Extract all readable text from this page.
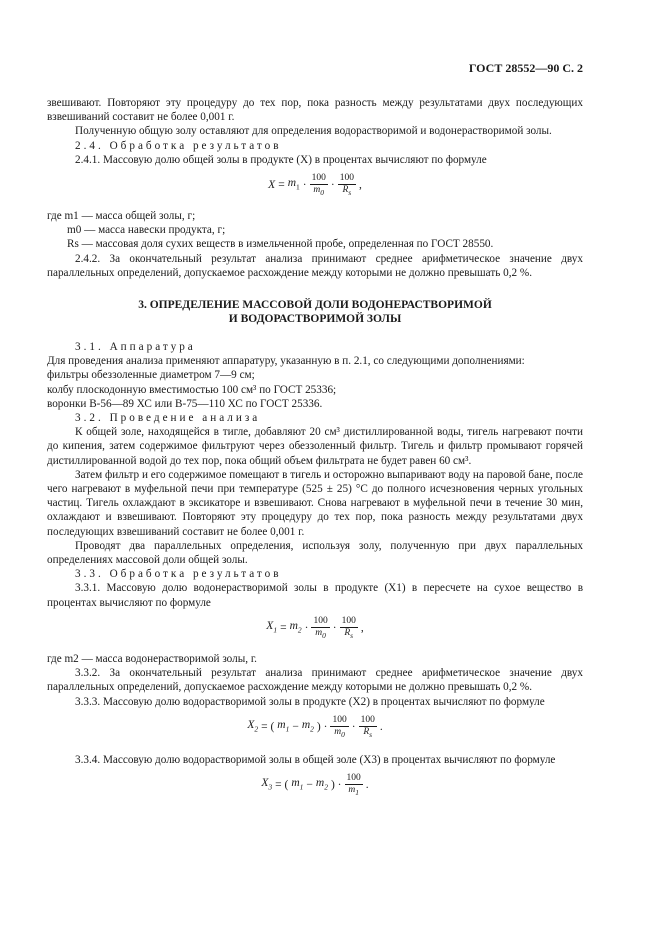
ГОСТ 28552—90 С. 2

звешивают. Повторяют эту процедуру до тех пор, пока разность между результатами двух последующих взвешиваний составит не более 0,001 г.

Полученную общую золу оставляют для определения водорастворимой и водонерастворимой золы.

2.4. Обработка результатов

2.4.1. Массовую долю общей золы в продукте (X) в процентах вычисляют по формуле

$X = m_1 \cdot \frac{100}{m_0} \cdot \frac{100}{R_s}$ ,
где m1 — масса общей золы, г;
m0 — масса навески продукта, г;
Rs — массовая доля сухих веществ в измельченной пробе, определенная по ГОСТ 28550.

2.4.2. За окончательный результат анализа принимают среднее арифметическое значение двух параллельных определений, допускаемое расхождение между которыми не должно превышать 0,2 %.

3. ОПРЕДЕЛЕНИЕ МАССОВОЙ ДОЛИ ВОДОНЕРАСТВОРИМОЙ
И ВОДОРАСТВОРИМОЙ ЗОЛЫ

3.1. Аппаратура

Для проведения анализа применяют аппаратуру, указанную в п. 2.1, со следующими дополнениями:

фильтры обеззоленные диаметром 7—9 см;

колбу плоскодонную вместимостью 100 см³ по ГОСТ 25336;

воронки В-56—89 ХС или В-75—110 ХС по ГОСТ 25336.

3.2. Проведение анализа

К общей золе, находящейся в тигле, добавляют 20 см³ дистиллированной воды, тигель нагревают почти до кипения, затем содержимое фильтруют через обеззоленный фильтр. Тигель и фильтр промывают горячей дистиллированной водой до тех пор, пока общий объем фильтрата не будет равен 60 см³.

Затем фильтр и его содержимое помещают в тигель и осторожно выпаривают воду на паровой бане, после чего нагревают в муфельной печи при температуре (525 ± 25) °С до полного исчезновения черных угольных частиц. Тигель охлаждают в эксикаторе и взвешивают. Снова нагревают в муфельной печи в течение 30 мин, охлаждают и взвешивают. Повторяют эту процедуру до тех пор, пока разность между результатами двух последующих взвешиваний составит не более 0,001 г.

Проводят два параллельных определения, используя золу, полученную при двух параллельных определениях массовой доли общей золы.

3.3. Обработка результатов

3.3.1. Массовую долю водонерастворимой золы в продукте (X1) в пересчете на сухое вещество в процентах вычисляют по формуле

$X_1 = m_2 \cdot \frac{100}{m_0} \cdot \frac{100}{R_s}$ ,

где m2 — масса водонерастворимой золы, г.

3.3.2. За окончательный результат анализа принимают среднее арифметическое значение двух параллельных определений, допускаемое расхождение между которыми не должно превышать 0,2 %.

3.3.3. Массовую долю водорастворимой золы в продукте (X2) в процентах вычисляют по формуле

$X_2$ = ( $m_1 - m_2$ ) · $\frac{100}{m_0} \cdot \frac{100}{R_s}$ .

3.3.4. Массовую долю водорастворимой золы в общей золе (X3) в процентах вычисляют по формуле

$X_3$ = ( $m_1 - m_2$ ) · $\frac{100}{m_1}$ .
